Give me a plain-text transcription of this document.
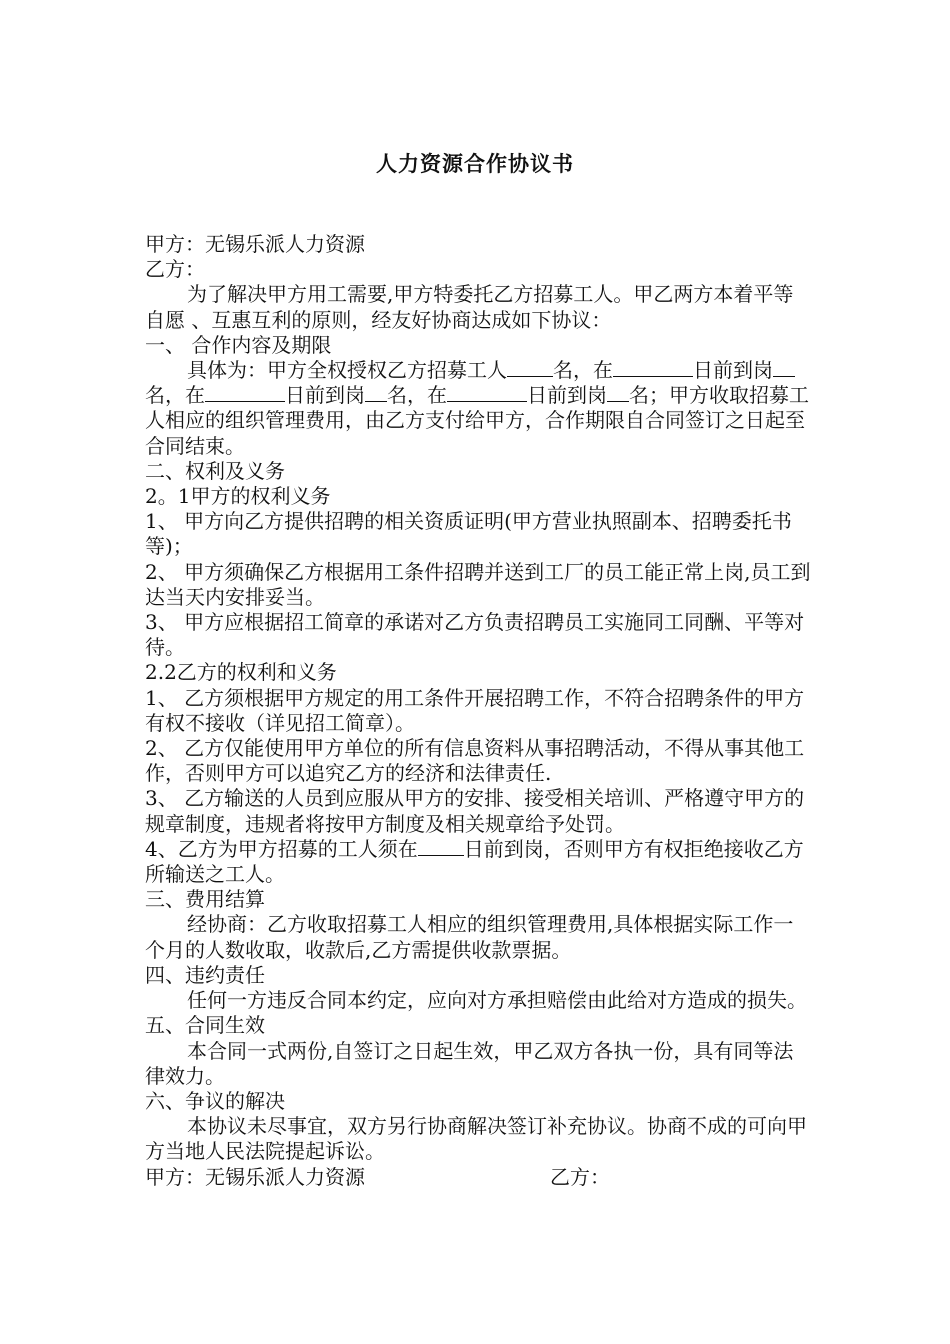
人力资源合作协议书

甲方：无锡乐派人力资源

乙方：

为了解决甲方用工需要,甲方特委托乙方招募工人。甲乙两方本着平等自愿 、互惠互利的原则，经友好协商达成如下协议：

一、 合作内容及期限

具体为：甲方全权授权乙方招募工人 名，在	日前到岗名，在	日前到岗 名，在	日前到岗 名；甲方收取招募工人相应的组织管理费用，由乙方支付给甲方，合作期限自合同签订之日起至合同结束。

二、权利及义务

2。1甲方的权利义务

1、 甲方向乙方提供招聘的相关资质证明(甲方营业执照副本、招聘委托书等)；

2、 甲方须确保乙方根据用工条件招聘并送到工厂的员工能正常上岗,员工到达当天内安排妥当。

3、 甲方应根据招工简章的承诺对乙方负责招聘员工实施同工同酬、平等对待。

2.2乙方的权利和义务

1、 乙方须根据甲方规定的用工条件开展招聘工作，不符合招聘条件的甲方有权不接收（详见招工简章）。

2、 乙方仅能使用甲方单位的所有信息资料从事招聘活动，不得从事其他工作，否则甲方可以追究乙方的经济和法律责任.

3、 乙方输送的人员到应服从甲方的安排、接受相关培训、严格遵守甲方的规章制度，违规者将按甲方制度及相关规章给予处罚。

4、乙方为甲方招募的工人须在 日前到岗，否则甲方有权拒绝接收乙方所输送之工人。

三、费用结算

经协商：乙方收取招募工人相应的组织管理费用,具体根据实际工作一个月的人数收取，收款后,乙方需提供收款票据。

四、违约责任

任何一方违反合同本约定，应向对方承担赔偿由此给对方造成的损失。

五、合同生效

本合同一式两份,自签订之日起生效，甲乙双方各执一份，具有同等法律效力。

六、争议的解决

本协议未尽事宜，双方另行协商解决签订补充协议。协商不成的可向甲方当地人民法院提起诉讼。

甲方：无锡乐派人力资源	乙方：
